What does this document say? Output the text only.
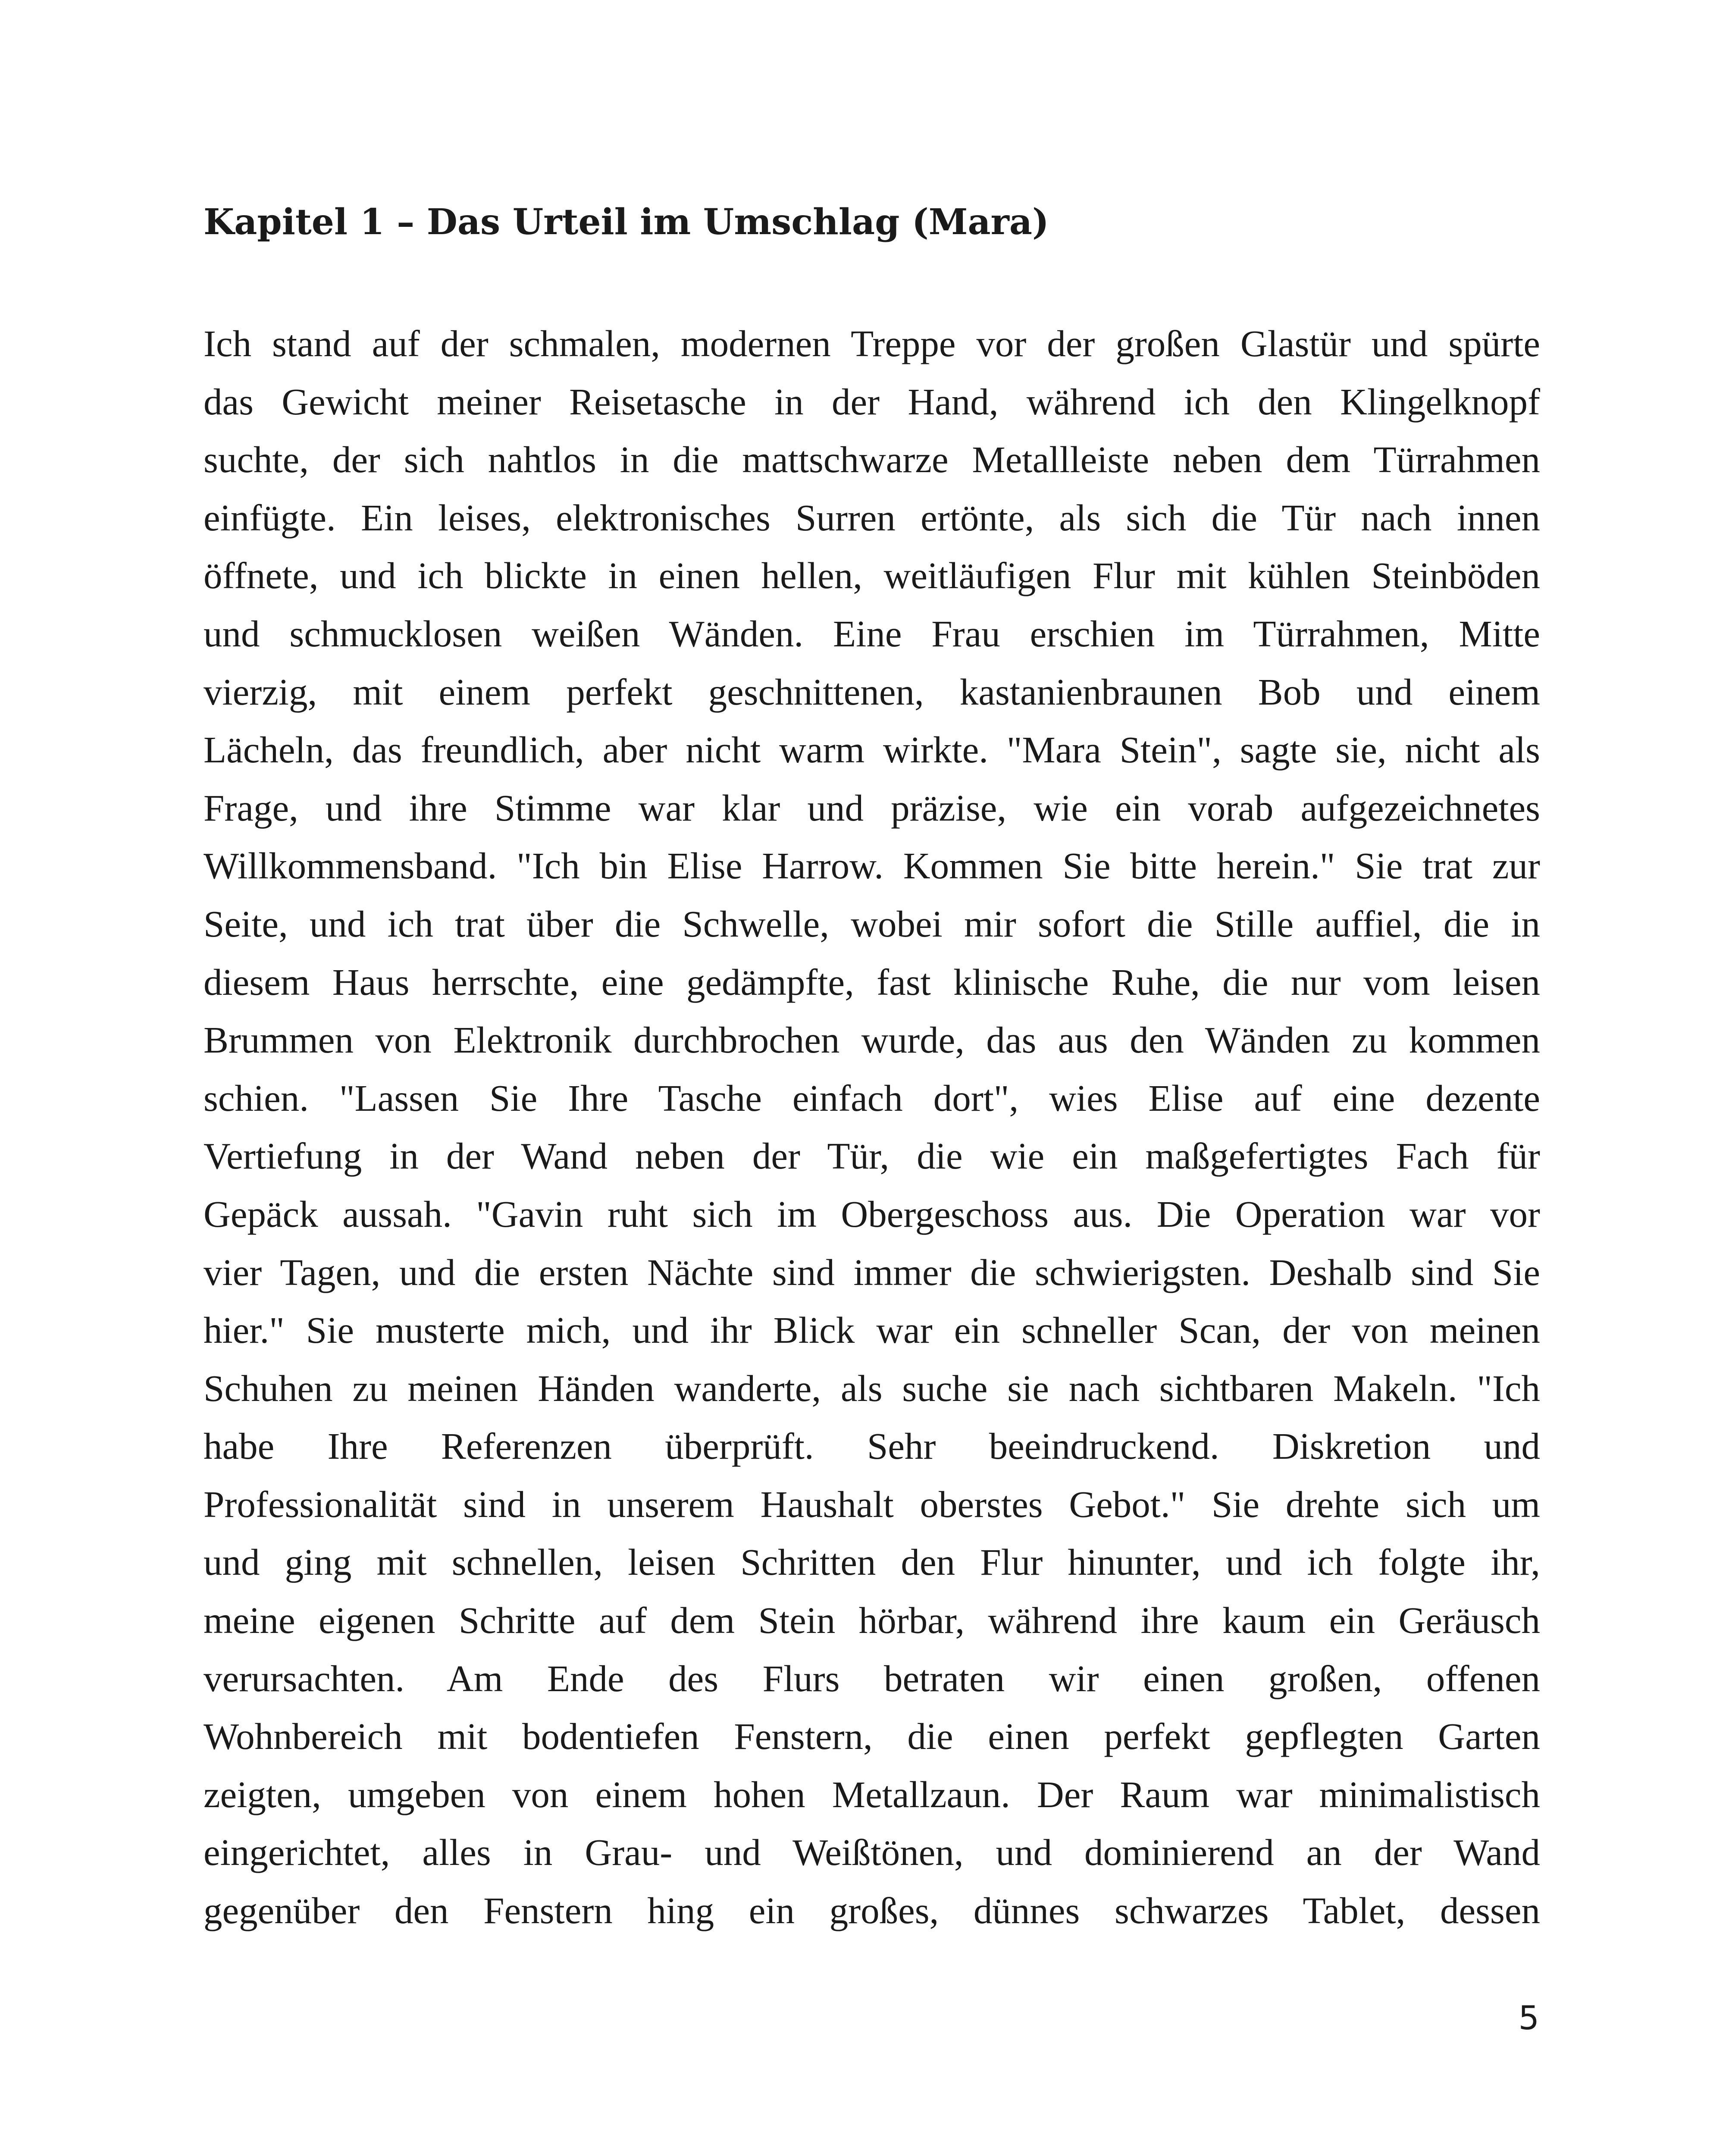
Kapitel 1 – Das Urteil im Umschlag (Mara)
Ich stand auf der schmalen, modernen Treppe vor der großen Glastür und spürte
das Gewicht meiner Reisetasche in der Hand, während ich den Klingelknopf
suchte, der sich nahtlos in die mattschwarze Metallleiste neben dem Türrahmen
einfügte. Ein leises, elektronisches Surren ertönte, als sich die Tür nach innen
öffnete, und ich blickte in einen hellen, weitläufigen Flur mit kühlen Steinböden
und schmucklosen weißen Wänden. Eine Frau erschien im Türrahmen, Mitte
vierzig, mit einem perfekt geschnittenen, kastanienbraunen Bob und einem
Lächeln, das freundlich, aber nicht warm wirkte. "Mara Stein", sagte sie, nicht als
Frage, und ihre Stimme war klar und präzise, wie ein vorab aufgezeichnetes
Willkommensband. "Ich bin Elise Harrow. Kommen Sie bitte herein." Sie trat zur
Seite, und ich trat über die Schwelle, wobei mir sofort die Stille auffiel, die in
diesem Haus herrschte, eine gedämpfte, fast klinische Ruhe, die nur vom leisen
Brummen von Elektronik durchbrochen wurde, das aus den Wänden zu kommen
schien. "Lassen Sie Ihre Tasche einfach dort", wies Elise auf eine dezente
Vertiefung in der Wand neben der Tür, die wie ein maßgefertigtes Fach für
Gepäck aussah. "Gavin ruht sich im Obergeschoss aus. Die Operation war vor
vier Tagen, und die ersten Nächte sind immer die schwierigsten. Deshalb sind Sie
hier." Sie musterte mich, und ihr Blick war ein schneller Scan, der von meinen
Schuhen zu meinen Händen wanderte, als suche sie nach sichtbaren Makeln. "Ich
habe Ihre Referenzen überprüft. Sehr beeindruckend. Diskretion und
Professionalität sind in unserem Haushalt oberstes Gebot." Sie drehte sich um
und ging mit schnellen, leisen Schritten den Flur hinunter, und ich folgte ihr,
meine eigenen Schritte auf dem Stein hörbar, während ihre kaum ein Geräusch
verursachten. Am Ende des Flurs betraten wir einen großen, offenen
Wohnbereich mit bodentiefen Fenstern, die einen perfekt gepflegten Garten
zeigten, umgeben von einem hohen Metallzaun. Der Raum war minimalistisch
eingerichtet, alles in Grau- und Weißtönen, und dominierend an der Wand
gegenüber den Fenstern hing ein großes, dünnes schwarzes Tablet, dessen
5
